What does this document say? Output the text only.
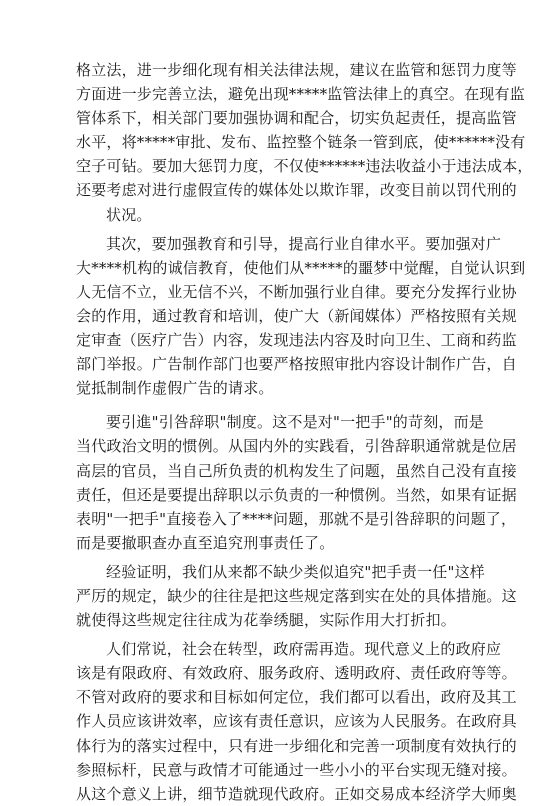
格立法，进一步细化现有相关法律法规，建议在监管和惩罚力度等
方面进一步完善立法，避免出现*****监管法律上的真空。在现有监
管体系下，相关部门要加强协调和配合，切实负起责任，提高监管
水平，将*****审批、发布、监控整个链条一管到底，使******没有
空子可钻。要加大惩罚力度，不仅使******违法收益小于违法成本，
还要考虑对进行虚假宣传的媒体处以欺诈罪，改变目前以罚代刑的
状况。
其次，要加强教育和引导，提高行业自律水平。要加强对广
大****机构的诚信教育，使他们从*****的噩梦中觉醒，自觉认识到
人无信不立，业无信不兴，不断加强行业自律。要充分发挥行业协
会的作用，通过教育和培训，使广大（新闻媒体）严格按照有关规
定审查（医疗广告）内容，发现违法内容及时向卫生、工商和药监
部门举报。广告制作部门也要严格按照审批内容设计制作广告，自
觉抵制制作虚假广告的请求。
要引進"引咎辞职"制度。这不是对"一把手"的苛刻，而是
当代政治文明的惯例。从国内外的实践看，引咎辞职通常就是位居
高层的官员，当自己所负责的机构发生了问题，虽然自己没有直接
责任，但还是要提出辞职以示负责的一种惯例。当然，如果有证据
表明"一把手"直接卷入了****问题，那就不是引咎辞职的问题了，
而是要撤职查办直至追究刑事责任了。
经验证明，我们从来都不缺少类似追究"把手责一任"这样
严厉的规定，缺少的往往是把这些规定落到实在处的具体措施。这
就使得这些规定往往成为花拳绣腿，实际作用大打折扣。
人们常说，社会在转型，政府需再造。现代意义上的政府应
该是有限政府、有效政府、服务政府、透明政府、责任政府等等。
不管对政府的要求和目标如何定位，我们都可以看出，政府及其工
作人员应该讲效率，应该有责任意识，应该为人民服务。在政府具
体行为的落实过程中，只有进一步细化和完善一项制度有效执行的
参照标杆，民意与政情才可能通过一些小小的平台实现无缝对接。
从这个意义上讲，细节造就现代政府。正如交易成本经济学大师奥
